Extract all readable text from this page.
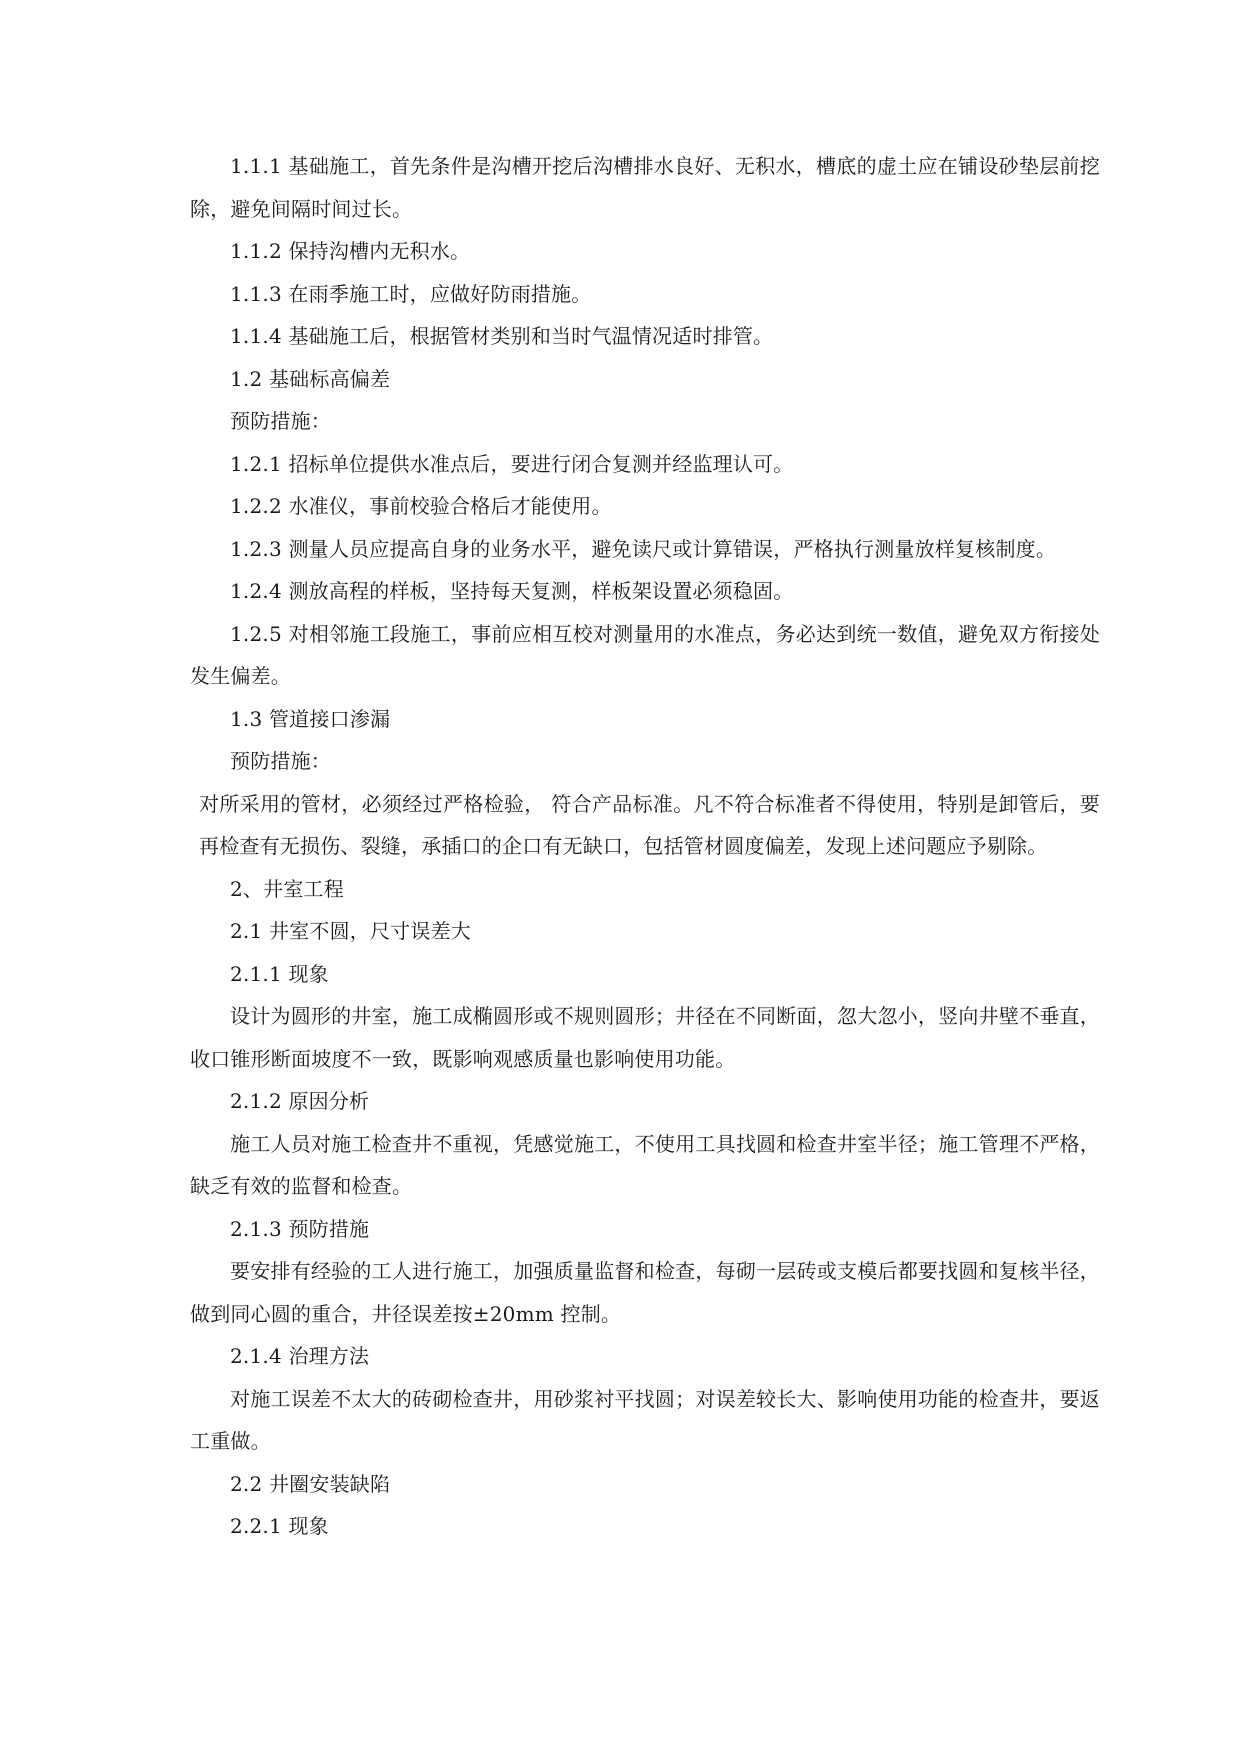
1.1.1 基础施工，首先条件是沟槽开挖后沟槽排水良好、无积水，槽底的虚土应在铺设砂垫层前挖除，避免间隔时间过长。

1.1.2 保持沟槽内无积水。

1.1.3 在雨季施工时，应做好防雨措施。

1.1.4 基础施工后，根据管材类别和当时气温情况适时排管。

1.2 基础标高偏差

预防措施：

1.2.1 招标单位提供水准点后，要进行闭合复测并经监理认可。

1.2.2 水准仪，事前校验合格后才能使用。

1.2.3 测量人员应提高自身的业务水平，避免读尺或计算错误，严格执行测量放样复核制度。

1.2.4 测放高程的样板，坚持每天复测，样板架设置必须稳固。

1.2.5 对相邻施工段施工，事前应相互校对测量用的水准点，务必达到统一数值，避免双方衔接处发生偏差。

1.3 管道接口渗漏

预防措施：

对所采用的管材，必须经过严格检验， 符合产品标准。凡不符合标准者不得使用，特别是卸管后，要再检查有无损伤、裂缝，承插口的企口有无缺口，包括管材圆度偏差，发现上述问题应予剔除。

2、井室工程

2.1 井室不圆，尺寸误差大

2.1.1 现象

设计为圆形的井室，施工成椭圆形或不规则圆形；井径在不同断面，忽大忽小，竖向井壁不垂直，收口锥形断面坡度不一致，既影响观感质量也影响使用功能。

2.1.2 原因分析

施工人员对施工检查井不重视，凭感觉施工，不使用工具找圆和检查井室半径；施工管理不严格，缺乏有效的监督和检查。

2.1.3 预防措施

要安排有经验的工人进行施工，加强质量监督和检查，每砌一层砖或支模后都要找圆和复核半径，做到同心圆的重合，井径误差按±20mm 控制。

2.1.4 治理方法

对施工误差不太大的砖砌检查井，用砂浆衬平找圆；对误差较长大、影响使用功能的检查井，要返工重做。

2.2 井圈安装缺陷

2.2.1 现象
